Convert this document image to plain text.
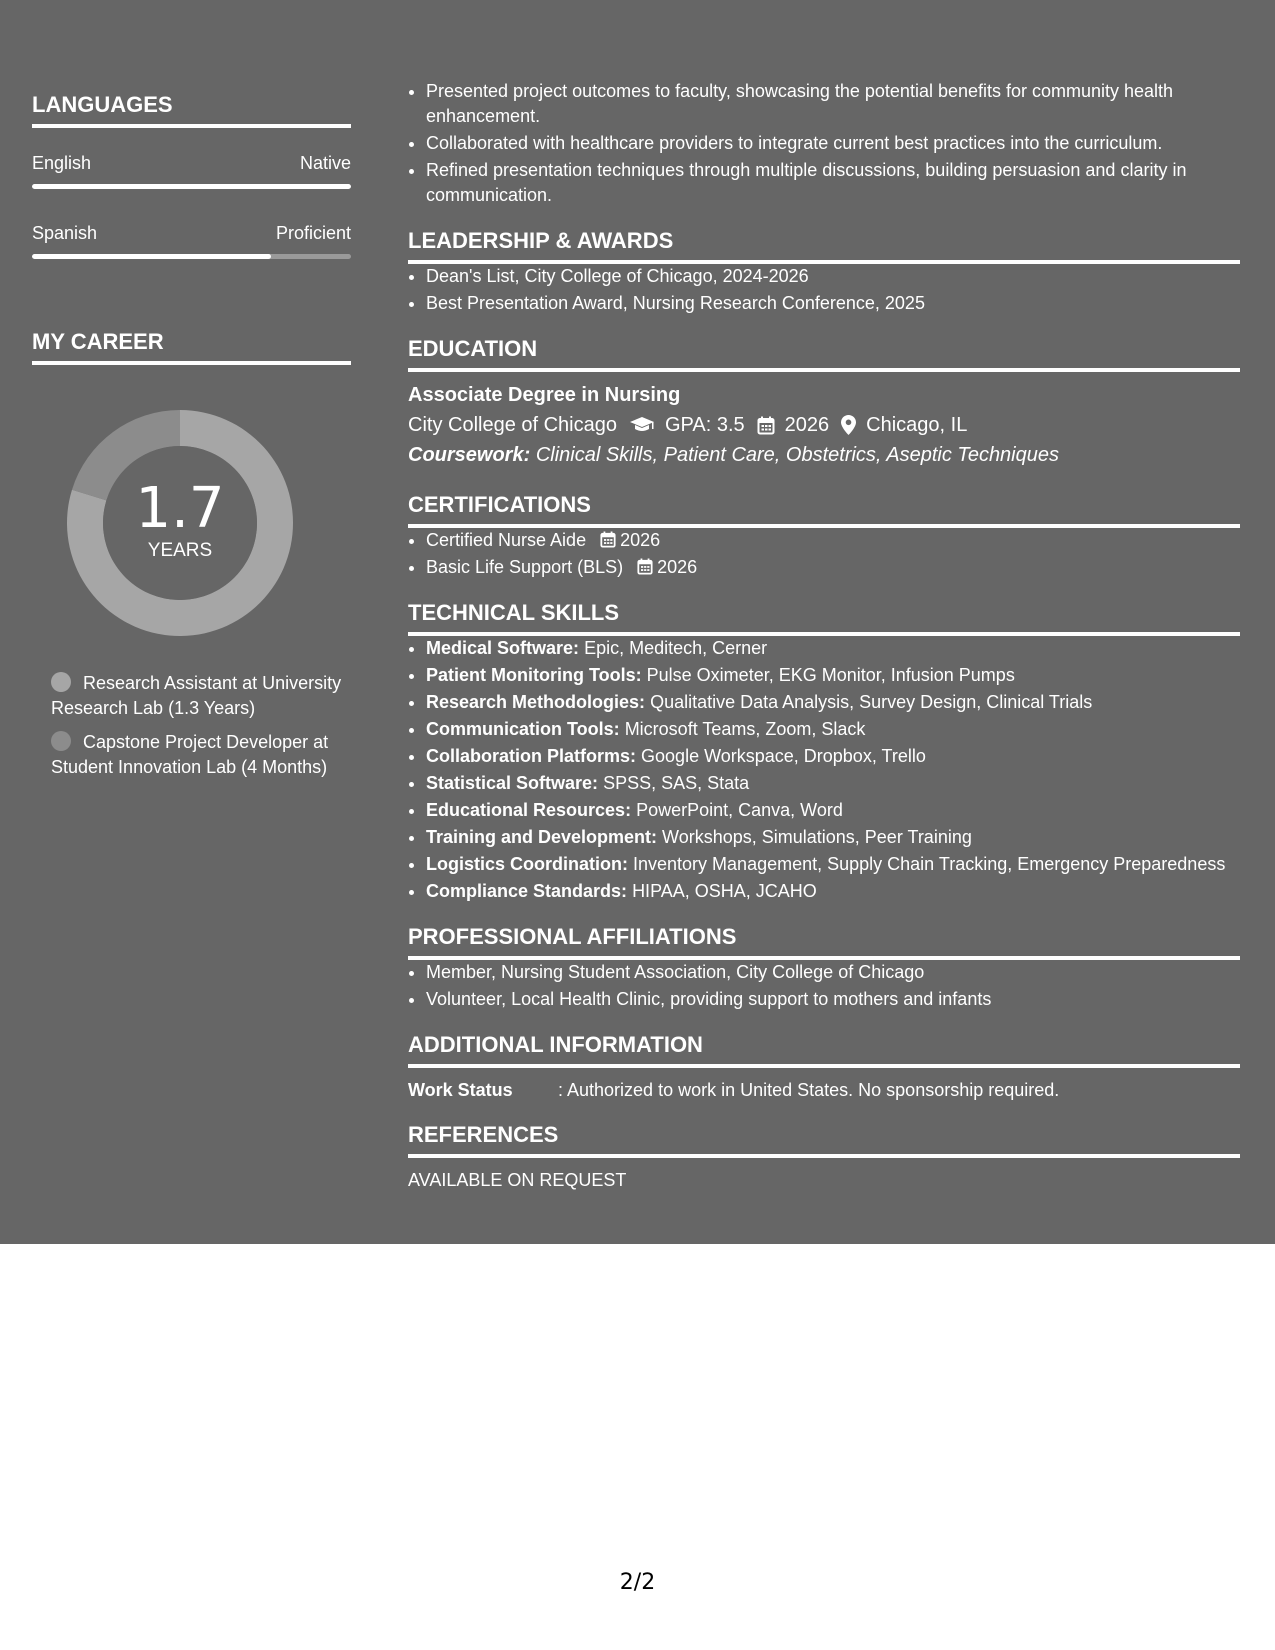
LANGUAGES
English	Native
Spanish	Proficient
MY CAREER
1.7
YEARS
Research Assistant at University Research Lab (1.3 Years)
Capstone Project Developer at Student Innovation Lab (4 Months)
• Presented project outcomes to faculty, showcasing the potential benefits for community health enhancement.
• Collaborated with healthcare providers to integrate current best practices into the curriculum.
• Refined presentation techniques through multiple discussions, building persuasion and clarity in communication.
LEADERSHIP & AWARDS
• Dean's List, City College of Chicago, 2024-2026
• Best Presentation Award, Nursing Research Conference, 2025
EDUCATION
Associate Degree in Nursing
City College of Chicago GPA: 3.5 2026 Chicago, IL
Coursework: Clinical Skills, Patient Care, Obstetrics, Aseptic Techniques
CERTIFICATIONS
• Certified Nurse Aide 2026
• Basic Life Support (BLS) 2026
TECHNICAL SKILLS
• Medical Software: Epic, Meditech, Cerner
• Patient Monitoring Tools: Pulse Oximeter, EKG Monitor, Infusion Pumps
• Research Methodologies: Qualitative Data Analysis, Survey Design, Clinical Trials
• Communication Tools: Microsoft Teams, Zoom, Slack
• Collaboration Platforms: Google Workspace, Dropbox, Trello
• Statistical Software: SPSS, SAS, Stata
• Educational Resources: PowerPoint, Canva, Word
• Training and Development: Workshops, Simulations, Peer Training
• Logistics Coordination: Inventory Management, Supply Chain Tracking, Emergency Preparedness
• Compliance Standards: HIPAA, OSHA, JCAHO
PROFESSIONAL AFFILIATIONS
• Member, Nursing Student Association, City College of Chicago
• Volunteer, Local Health Clinic, providing support to mothers and infants
ADDITIONAL INFORMATION
Work Status	: Authorized to work in United States. No sponsorship required.
REFERENCES
AVAILABLE ON REQUEST
2/2
